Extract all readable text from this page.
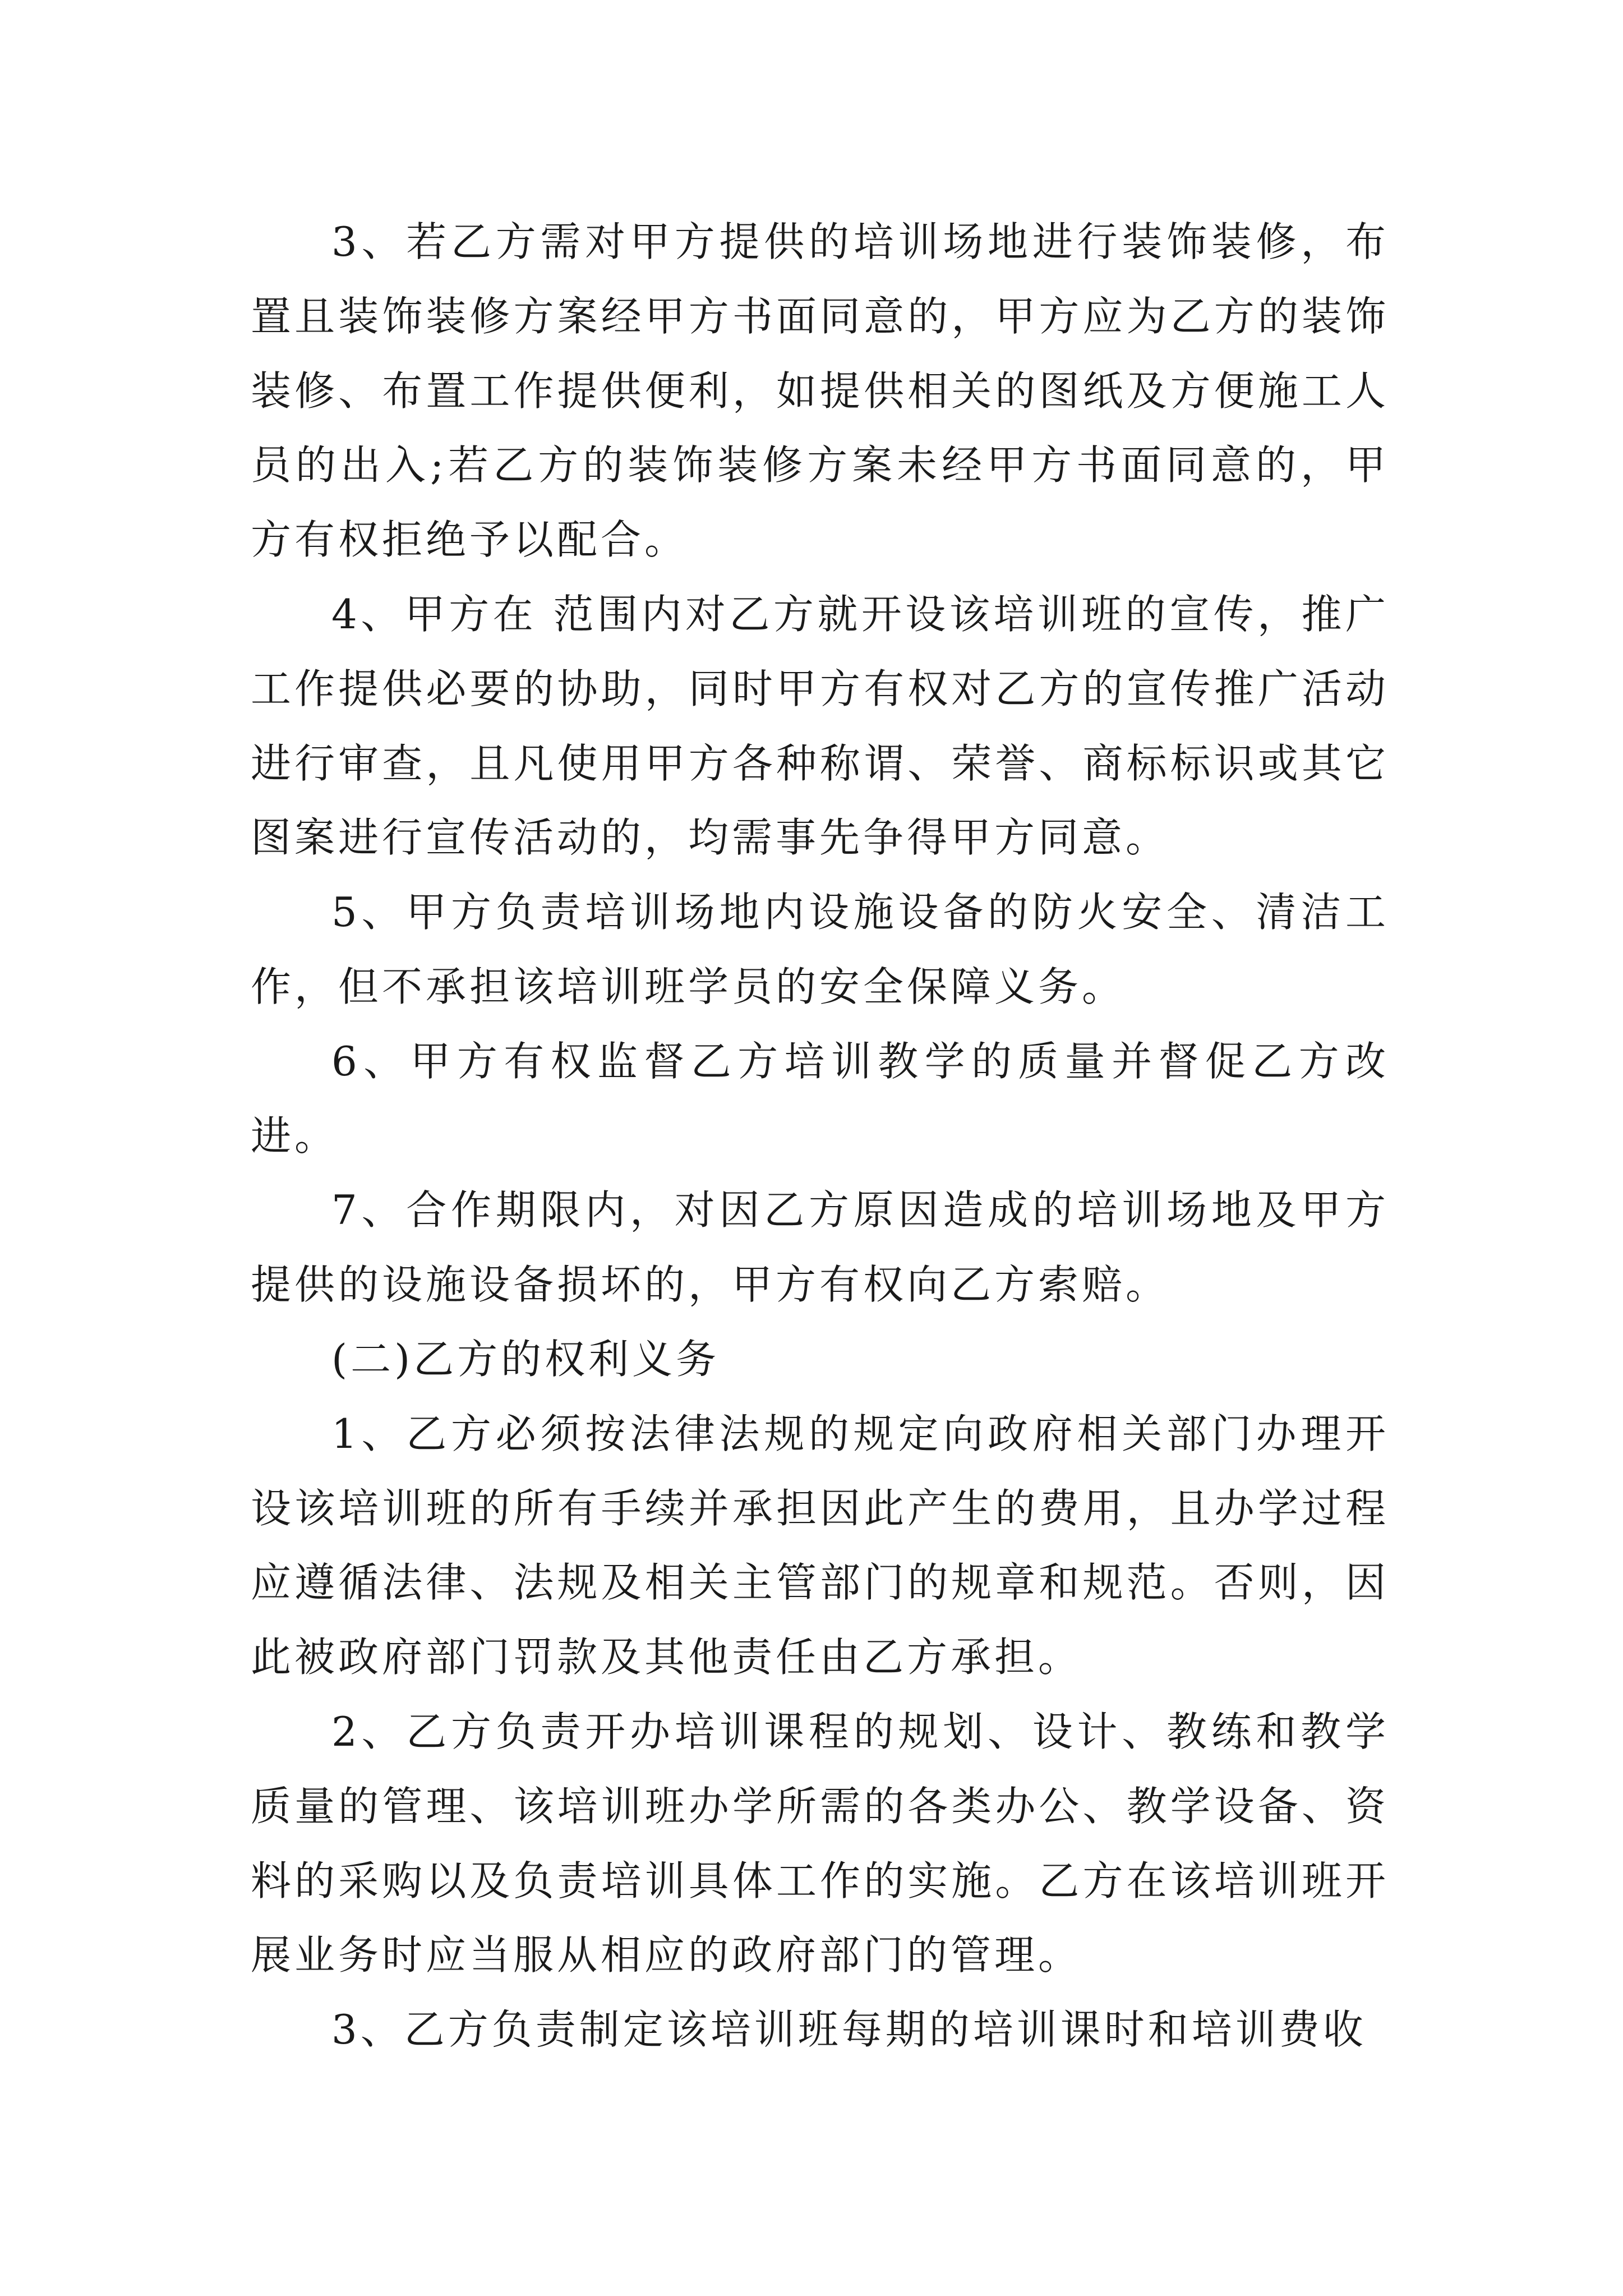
3、若乙方需对甲方提供的培训场地进行装饰装修，布置且装饰装修方案经甲方书面同意的，甲方应为乙方的装饰装修、布置工作提供便利，如提供相关的图纸及方便施工人员的出入;若乙方的装饰装修方案未经甲方书面同意的，甲方有权拒绝予以配合。

4、甲方在 范围内对乙方就开设该培训班的宣传，推广工作提供必要的协助，同时甲方有权对乙方的宣传推广活动进行审查，且凡使用甲方各种称谓、荣誉、商标标识或其它图案进行宣传活动的，均需事先争得甲方同意。

5、甲方负责培训场地内设施设备的防火安全、清洁工作，但不承担该培训班学员的安全保障义务。

6、甲方有权监督乙方培训教学的质量并督促乙方改进。

7、合作期限内，对因乙方原因造成的培训场地及甲方提供的设施设备损坏的，甲方有权向乙方索赔。

(二)乙方的权利义务

1、乙方必须按法律法规的规定向政府相关部门办理开设该培训班的所有手续并承担因此产生的费用，且办学过程应遵循法律、法规及相关主管部门的规章和规范。否则，因此被政府部门罚款及其他责任由乙方承担。

2、乙方负责开办培训课程的规划、设计、教练和教学质量的管理、该培训班办学所需的各类办公、教学设备、资料的采购以及负责培训具体工作的实施。乙方在该培训班开展业务时应当服从相应的政府部门的管理。

3、乙方负责制定该培训班每期的培训课时和培训费收
